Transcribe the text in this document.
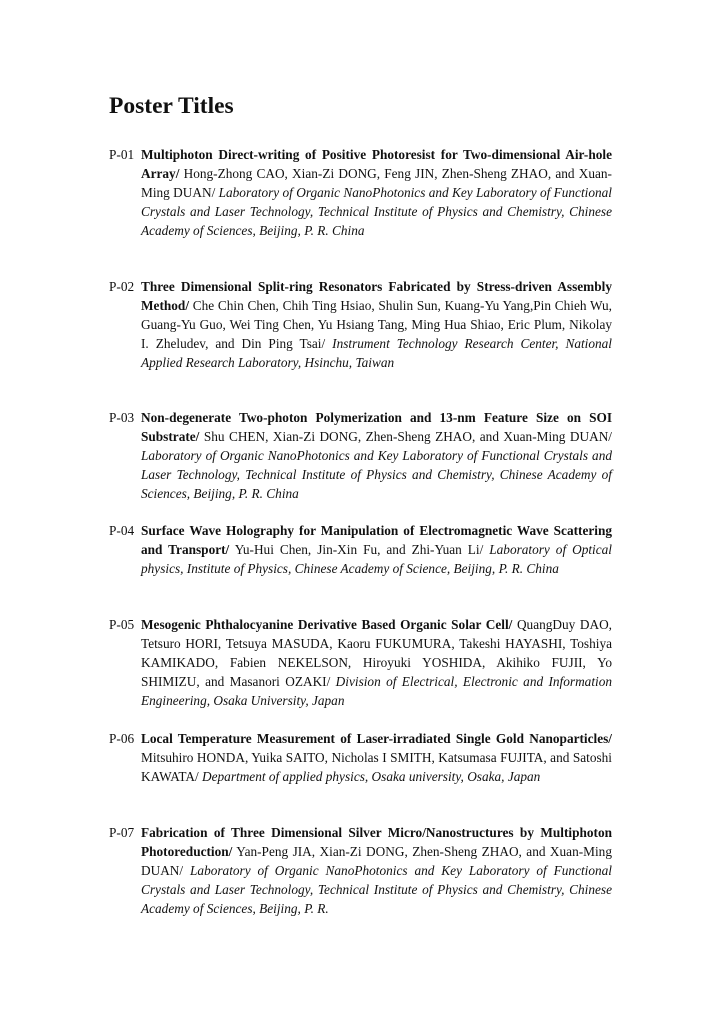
Poster Titles
P-01 Multiphoton Direct-writing of Positive Photoresist for Two-dimensional Air-hole Array/ Hong-Zhong CAO, Xian-Zi DONG, Feng JIN, Zhen-Sheng ZHAO, and Xuan-Ming DUAN/ Laboratory of Organic NanoPhotonics and Key Laboratory of Functional Crystals and Laser Technology, Technical Institute of Physics and Chemistry, Chinese Academy of Sciences, Beijing, P. R. China
P-02 Three Dimensional Split-ring Resonators Fabricated by Stress-driven Assembly Method/ Che Chin Chen, Chih Ting Hsiao, Shulin Sun, Kuang-Yu Yang,Pin Chieh Wu, Guang-Yu Guo, Wei Ting Chen, Yu Hsiang Tang, Ming Hua Shiao, Eric Plum, Nikolay I. Zheludev, and Din Ping Tsai/ Instrument Technology Research Center, National Applied Research Laboratory, Hsinchu, Taiwan
P-03 Non-degenerate Two-photon Polymerization and 13-nm Feature Size on SOI Substrate/ Shu CHEN, Xian-Zi DONG, Zhen-Sheng ZHAO, and Xuan-Ming DUAN/ Laboratory of Organic NanoPhotonics and Key Laboratory of Functional Crystals and Laser Technology, Technical Institute of Physics and Chemistry, Chinese Academy of Sciences, Beijing, P. R. China
P-04 Surface Wave Holography for Manipulation of Electromagnetic Wave Scattering and Transport/ Yu-Hui Chen, Jin-Xin Fu, and Zhi-Yuan Li/ Laboratory of Optical physics, Institute of Physics, Chinese Academy of Science, Beijing, P. R. China
P-05 Mesogenic Phthalocyanine Derivative Based Organic Solar Cell/ QuangDuy DAO, Tetsuro HORI, Tetsuya MASUDA, Kaoru FUKUMURA, Takeshi HAYASHI, Toshiya KAMIKADO, Fabien NEKELSON, Hiroyuki YOSHIDA, Akihiko FUJII, Yo SHIMIZU, and Masanori OZAKI/ Division of Electrical, Electronic and Information Engineering, Osaka University, Japan
P-06 Local Temperature Measurement of Laser-irradiated Single Gold Nanoparticles/ Mitsuhiro HONDA, Yuika SAITO, Nicholas I SMITH, Katsumasa FUJITA, and Satoshi KAWATA/ Department of applied physics, Osaka university, Osaka, Japan
P-07 Fabrication of Three Dimensional Silver Micro/Nanostructures by Multiphoton Photoreduction/ Yan-Peng JIA, Xian-Zi DONG, Zhen-Sheng ZHAO, and Xuan-Ming DUAN/ Laboratory of Organic NanoPhotonics and Key Laboratory of Functional Crystals and Laser Technology, Technical Institute of Physics and Chemistry, Chinese Academy of Sciences, Beijing, P. R.
